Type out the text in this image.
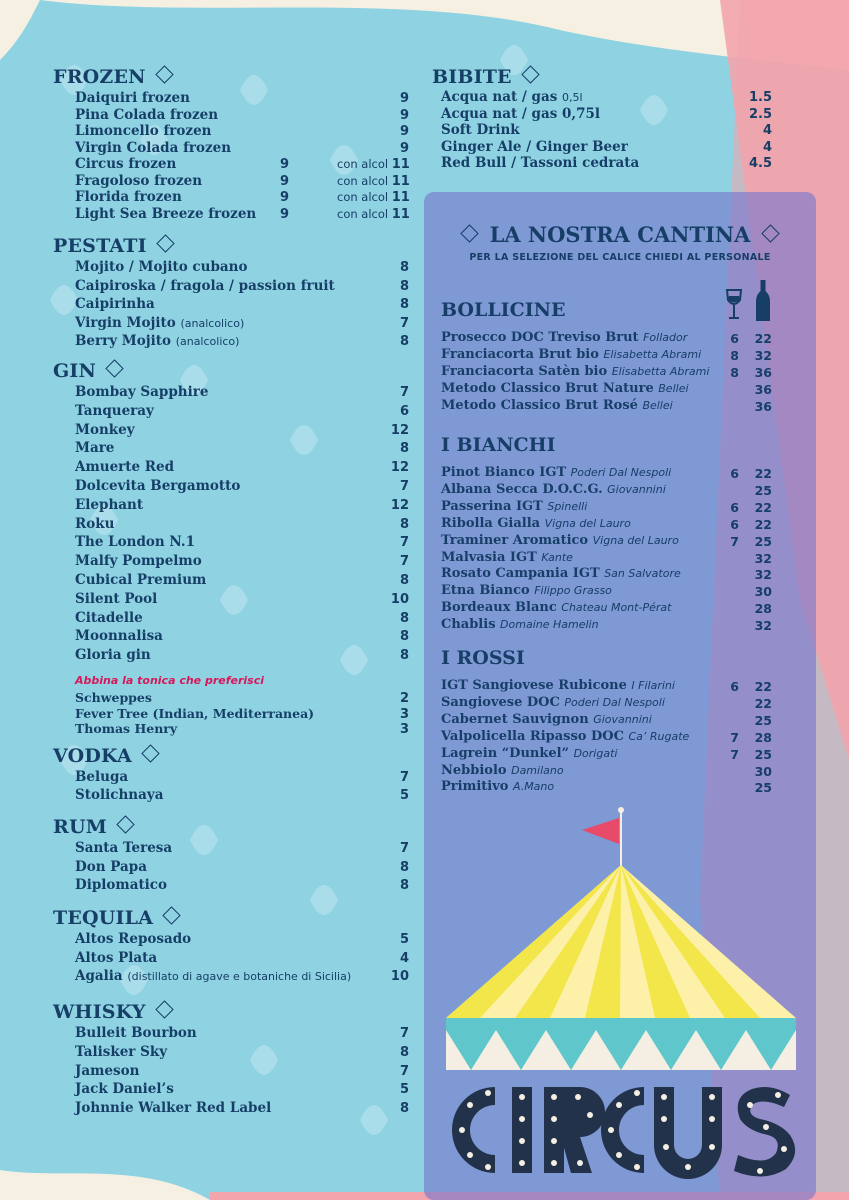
FROZEN
Daiquiri frozen	9
Pina Colada frozen	9
Limoncello frozen	9
Virgin Colada frozen	9
Circus frozen	9	con alcol 11
Fragoloso frozen	9	con alcol 11
Florida frozen	9	con alcol 11
Light Sea Breeze frozen	9	con alcol 11
PESTATI
Mojito / Mojito cubano	8
Caipiroska / fragola / passion fruit	8
Caipirinha	8
Virgin Mojito (analcolico)	7
Berry Mojito (analcolico)	8
GIN
Bombay Sapphire	7
Tanqueray	6
Monkey	12
Mare	8
Amuerte Red	12
Dolcevita Bergamotto	7
Elephant	12
Roku	8
The London N.1	7
Malfy Pompelmo	7
Cubical Premium	8
Silent Pool	10
Citadelle	8
Moonnalisa	8
Gloria gin	8
Abbina la tonica che preferisci
Schweppes	2
Fever Tree (Indian, Mediterranea)	3
Thomas Henry	3
VODKA
Beluga	7
Stolichnaya	5
RUM
Santa Teresa	7
Don Papa	8
Diplomatico	8
TEQUILA
Altos Reposado	5
Altos Plata	4
Agalia (distillato di agave e botaniche di Sicilia)	10
WHISKY
Bulleit Bourbon	7
Talisker Sky	8
Jameson	7
Jack Daniel’s	5
Johnnie Walker Red Label	8
BIBITE
Acqua nat / gas 0,5l	1.5
Acqua nat / gas 0,75l	2.5
Soft Drink	4
Ginger Ale / Ginger Beer	4
Red Bull / Tassoni cedrata	4.5
BOLLICINE
Prosecco DOC Treviso Brut Follador	6	22
Franciacorta Brut bio Elisabetta Abrami	8	32
Franciacorta Satèn bio Elisabetta Abrami	8	36
Metodo Classico Brut Nature Bellei	36
Metodo Classico Brut Rosé Bellei	36
I BIANCHI
Pinot Bianco IGT Poderi Dal Nespoli	6	22
Albana Secca D.O.C.G. Giovannini	25
Passerina IGT Spinelli	6	22
Ribolla Gialla Vigna del Lauro	6	22
Traminer Aromatico Vigna del Lauro	7	25
Malvasia IGT Kante	32
Rosato Campania IGT San Salvatore	32
Etna Bianco Filippo Grasso	30
Bordeaux Blanc Chateau Mont-Pérat	28
Chablis Domaine Hamelin	32
I ROSSI
IGT Sangiovese Rubicone I Filarini	6	22
Sangiovese DOC Poderi Dal Nespoli	22
Cabernet Sauvignon Giovannini	25
Valpolicella Ripasso DOC Ca’ Rugate	7	28
Lagrein “Dunkel” Dorigati	7	25
Nebbiolo Damilano	30
Primitivo A.Mano	25
LA NOSTRA CANTINA
PER LA SELEZIONE DEL CALICE CHIEDI AL PERSONALE
